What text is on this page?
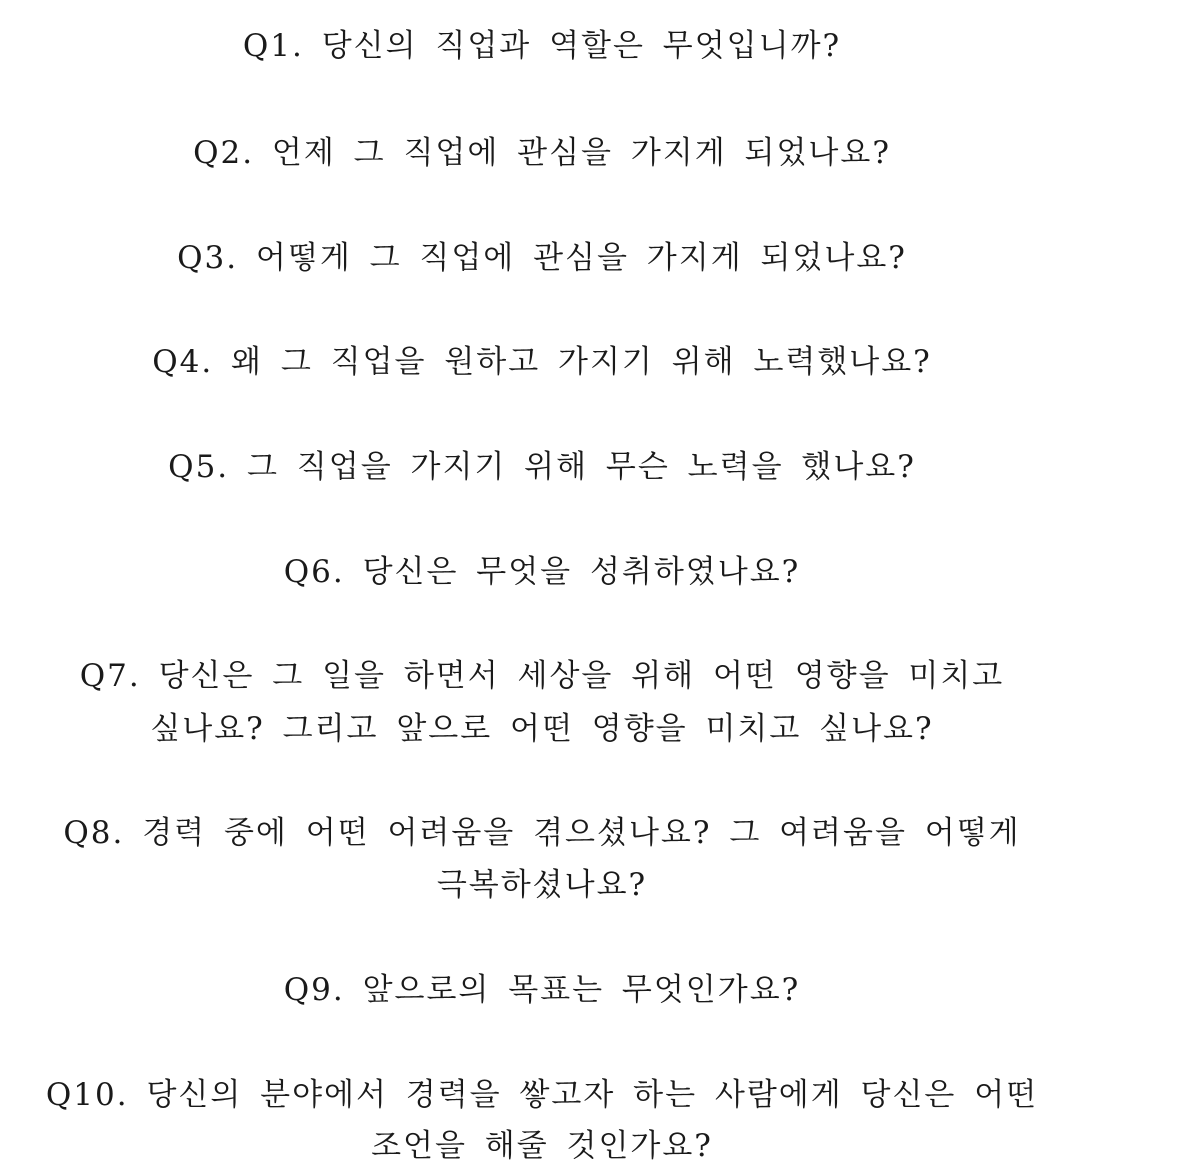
Q1. 당신의 직업과 역할은 무엇입니까?
Q2. 언제 그 직업에 관심을 가지게 되었나요?
Q3. 어떻게 그 직업에 관심을 가지게 되었나요?
Q4. 왜 그 직업을 원하고 가지기 위해 노력했나요?
Q5. 그 직업을 가지기 위해 무슨 노력을 했나요?
Q6. 당신은 무엇을 성취하였나요?
Q7. 당신은 그 일을 하면서 세상을 위해 어떤 영향을 미치고
싶나요? 그리고 앞으로 어떤 영향을 미치고 싶나요?
Q8. 경력 중에 어떤 어려움을 겪으셨나요? 그 여려움을 어떻게
극복하셨나요?
Q9. 앞으로의 목표는 무엇인가요?
Q10. 당신의 분야에서 경력을 쌓고자 하는 사람에게 당신은 어떤
조언을 해줄 것인가요?
